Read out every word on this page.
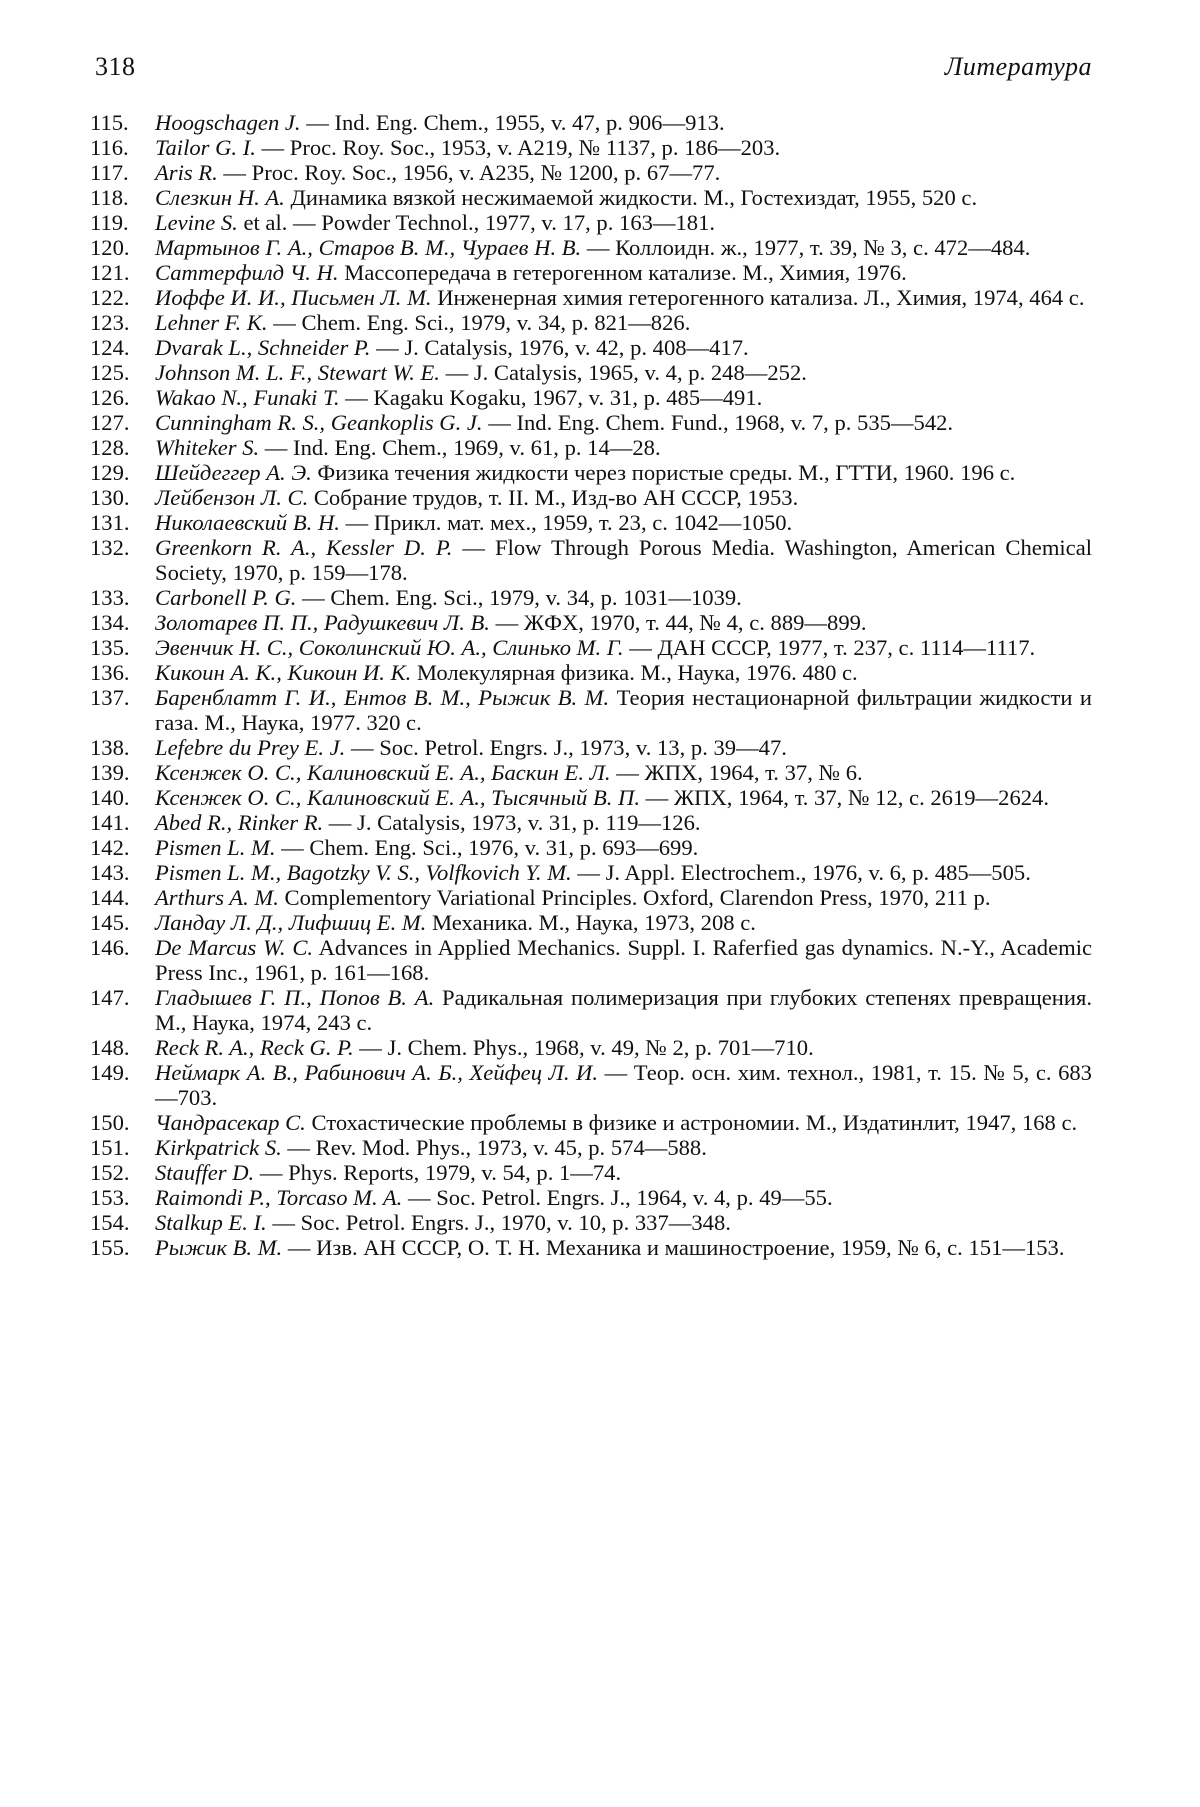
318	Литература
115.	Hoogschagen J. — Ind. Eng. Chem., 1955, v. 47, p. 906—913.
116.	Tailor G. I. — Proc. Roy. Soc., 1953, v. A219, № 1137, p. 186—203.
117.	Aris R. — Proc. Roy. Soc., 1956, v. A235, № 1200, p. 67—77.
118.	Слезкин Н. А. Динамика вязкой несжимаемой жидкости. М., Гостехиздат, 1955, 520 с.
119.	Levine S. et al. — Powder Technol., 1977, v. 17, p. 163—181.
120.	Мартынов Г. А., Старов В. М., Чураев Н. В. — Коллоидн. ж., 1977, т. 39, № 3, с. 472—484.
121.	Саттерфилд Ч. Н. Массопередача в гетерогенном катализе. М., Химия, 1976.
122.	Иоффе И. И., Письмен Л. М. Инженерная химия гетерогенного катализа. Л., Химия, 1974, 464 с.
123.	Lehner F. K. — Chem. Eng. Sci., 1979, v. 34, p. 821—826.
124.	Dvarak L., Schneider P. — J. Catalysis, 1976, v. 42, p. 408—417.
125.	Johnson M. L. F., Stewart W. E. — J. Catalysis, 1965, v. 4, p. 248—252.
126.	Wakao N., Funaki T. — Kagaku Kogaku, 1967, v. 31, p. 485—491.
127.	Cunningham R. S., Geankoplis G. J. — Ind. Eng. Chem. Fund., 1968, v. 7, p. 535—542.
128.	Whiteker S. — Ind. Eng. Chem., 1969, v. 61, p. 14—28.
129.	Шейдеггер А. Э. Физика течения жидкости через пористые среды. М., ГТТИ, 1960. 196 с.
130.	Лейбензон Л. С. Собрание трудов, т. II. М., Изд-во АН СССР, 1953.
131.	Николаевский В. Н. — Прикл. мат. мех., 1959, т. 23, с. 1042—1050.
132.	Greenkorn R. A., Kessler D. P. — Flow Through Porous Media. Washington, American Chemical Society, 1970, p. 159—178.
133.	Carbonell P. G. — Chem. Eng. Sci., 1979, v. 34, p. 1031—1039.
134.	Золотарев П. П., Радушкевич Л. В. — ЖФХ, 1970, т. 44, № 4, с. 889—899.
135.	Эвенчик Н. С., Соколинский Ю. А., Слинько М. Г. — ДАН СССР, 1977, т. 237, с. 1114—1117.
136.	Кикоин А. К., Кикоин И. К. Молекулярная физика. М., Наука, 1976. 480 с.
137.	Баренблатт Г. И., Ентов В. М., Рыжик В. М. Теория нестационарной фильтрации жидкости и газа. М., Наука, 1977. 320 с.
138.	Lefebre du Prey E. J. — Soc. Petrol. Engrs. J., 1973, v. 13, p. 39—47.
139.	Ксенжек О. С., Калиновский Е. А., Баскин Е. Л. — ЖПХ, 1964, т. 37, № 6.
140.	Ксенжек О. С., Калиновский Е. А., Тысячный В. П. — ЖПХ, 1964, т. 37, № 12, с. 2619—2624.
141.	Abed R., Rinker R. — J. Catalysis, 1973, v. 31, p. 119—126.
142.	Pismen L. M. — Chem. Eng. Sci., 1976, v. 31, p. 693—699.
143.	Pismen L. M., Bagotzky V. S., Volfkovich Y. M. — J. Appl. Electrochem., 1976, v. 6, p. 485—505.
144.	Arthurs A. M. Complementory Variational Principles. Oxford, Clarendon Press, 1970, 211 p.
145.	Ландау Л. Д., Лифшиц Е. М. Механика. М., Наука, 1973, 208 с.
146.	De Marcus W. C. Advances in Applied Mechanics. Suppl. I. Raferfied gas dynamics. N.-Y., Academic Press Inc., 1961, p. 161—168.
147.	Гладышев Г. П., Попов В. А. Радикальная полимеризация при глубоких степенях превращения. М., Наука, 1974, 243 с.
148.	Reck R. A., Reck G. P. — J. Chem. Phys., 1968, v. 49, № 2, p. 701—710.
149.	Неймарк А. В., Рабинович А. Б., Хейфец Л. И. — Теор. осн. хим. технол., 1981, т. 15. № 5, с. 683—703.
150.	Чандрасекар С. Стохастические проблемы в физике и астрономии. М., Издатинлит, 1947, 168 с.
151.	Kirkpatrick S. — Rev. Mod. Phys., 1973, v. 45, p. 574—588.
152.	Stauffer D. — Phys. Reports, 1979, v. 54, p. 1—74.
153.	Raimondi P., Torcaso M. A. — Soc. Petrol. Engrs. J., 1964, v. 4, p. 49—55.
154.	Stalkup E. I. — Soc. Petrol. Engrs. J., 1970, v. 10, p. 337—348.
155.	Рыжик В. М. — Изв. АН СССР, О. Т. Н. Механика и машиностроение, 1959, № 6, с. 151—153.
